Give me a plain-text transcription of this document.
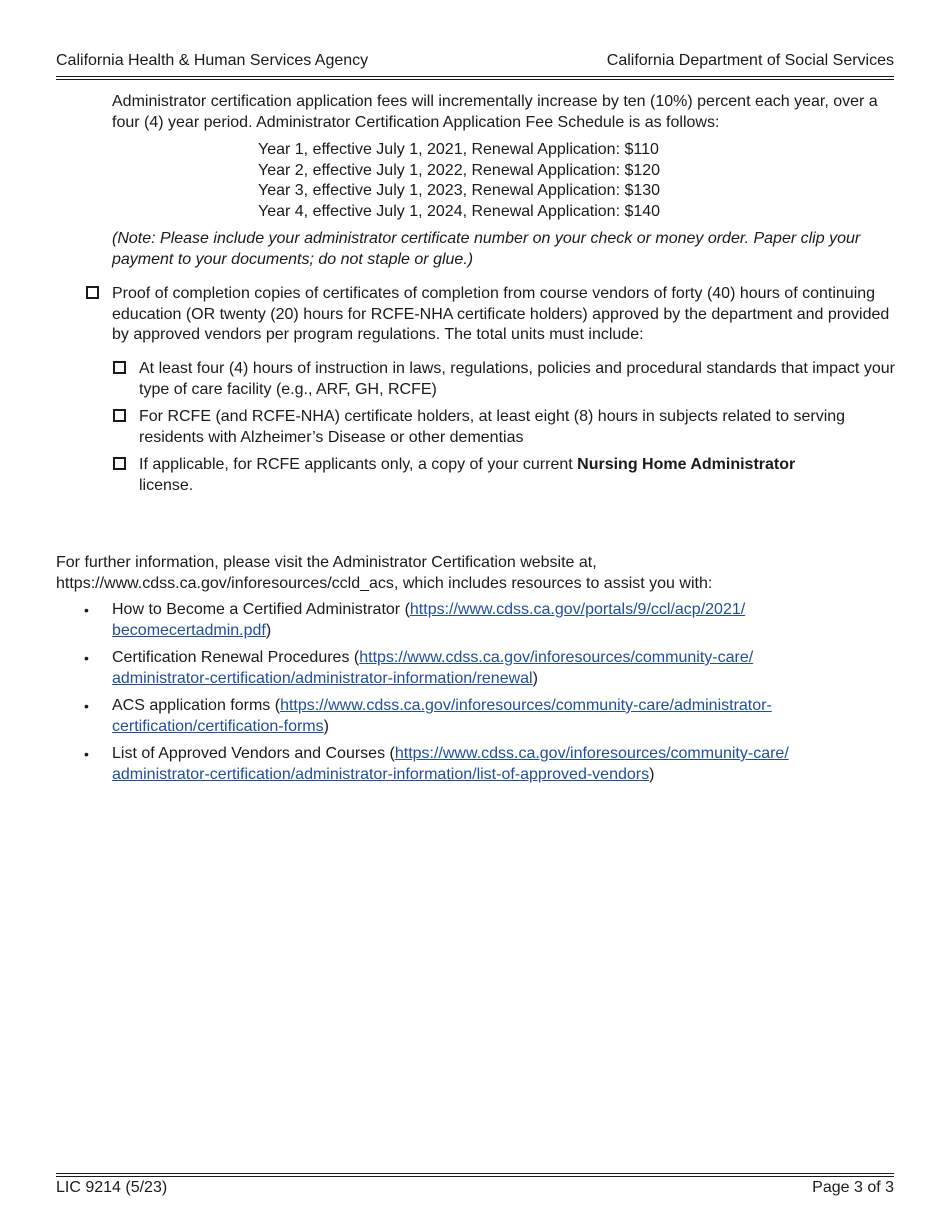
California Health & Human Services Agency	California Department of Social Services

Administrator certification application fees will incrementally increase by ten (10%) percent each year, over a four (4) year period. Administrator Certification Application Fee Schedule is as follows:

Year 1, effective July 1, 2021, Renewal Application: $110
Year 2, effective July 1, 2022, Renewal Application: $120
Year 3, effective July 1, 2023, Renewal Application: $130
Year 4, effective July 1, 2024, Renewal Application: $140

(Note: Please include your administrator certificate number on your check or money order. Paper clip your payment to your documents; do not staple or glue.)

Proof of completion copies of certificates of completion from course vendors of forty (40) hours of continuing education (OR twenty (20) hours for RCFE-NHA certificate holders) approved by the department and provided by approved vendors per program regulations. The total units must include:

At least four (4) hours of instruction in laws, regulations, policies and procedural standards that impact your type of care facility (e.g., ARF, GH, RCFE)

For RCFE (and RCFE-NHA) certificate holders, at least eight (8) hours in subjects related to serving residents with Alzheimer’s Disease or other dementias

If applicable, for RCFE applicants only, a copy of your current Nursing Home Administrator
license.

For further information, please visit the Administrator Certification website at, https://www.cdss.ca.gov/inforesources/ccld_acs, which includes resources to assist you with:

• How to Become a Certified Administrator (https://www.cdss.ca.gov/portals/9/ccl/acp/2021/
becomecertadmin.pdf)

• Certification Renewal Procedures (https://www.cdss.ca.gov/inforesources/community-care/
administrator-certification/administrator-information/renewal)

• ACS application forms (https://www.cdss.ca.gov/inforesources/community-care/administrator-
certification/certification-forms)

• List of Approved Vendors and Courses (https://www.cdss.ca.gov/inforesources/community-care/
administrator-certification/administrator-information/list-of-approved-vendors)

LIC 9214 (5/23)	Page 3 of 3
